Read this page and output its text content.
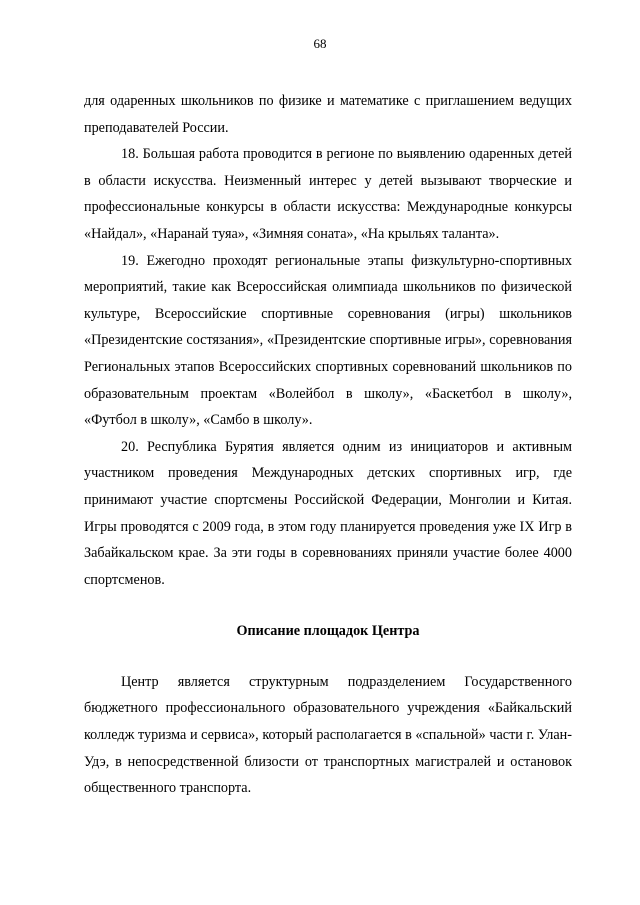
68

для одаренных школьников по физике и математике с приглашением ведущих преподавателей России.

18. Большая работа проводится в регионе по выявлению одаренных детей в области искусства. Неизменный интерес у детей вызывают творческие и профессиональные конкурсы в области искусства: Международные конкурсы «Найдал», «Наранай туяа», «Зимняя соната», «На крыльях таланта».

19. Ежегодно проходят региональные этапы физкультурно-спортивных мероприятий, такие как Всероссийская олимпиада школьников по физической культуре, Всероссийские спортивные соревнования (игры) школьников «Президентские состязания», «Президентские спортивные игры», соревнования Региональных этапов Всероссийских спортивных соревнований школьников по образовательным проектам «Волейбол в школу», «Баскетбол в школу», «Футбол в школу», «Самбо в школу».

20. Республика Бурятия является одним из инициаторов и активным участником проведения Международных детских спортивных игр, где принимают участие спортсмены Российской Федерации, Монголии и Китая. Игры проводятся с 2009 года, в этом году планируется проведения уже IX Игр в Забайкальском крае. За эти годы в соревнованиях приняли участие более 4000 спортсменов.

Описание площадок Центра

Центр является структурным подразделением Государственного бюджетного профессионального образовательного учреждения «Байкальский колледж туризма и сервиса», который располагается в «спальной» части г. Улан-Удэ, в непосредственной близости от транспортных магистралей и остановок общественного транспорта.
